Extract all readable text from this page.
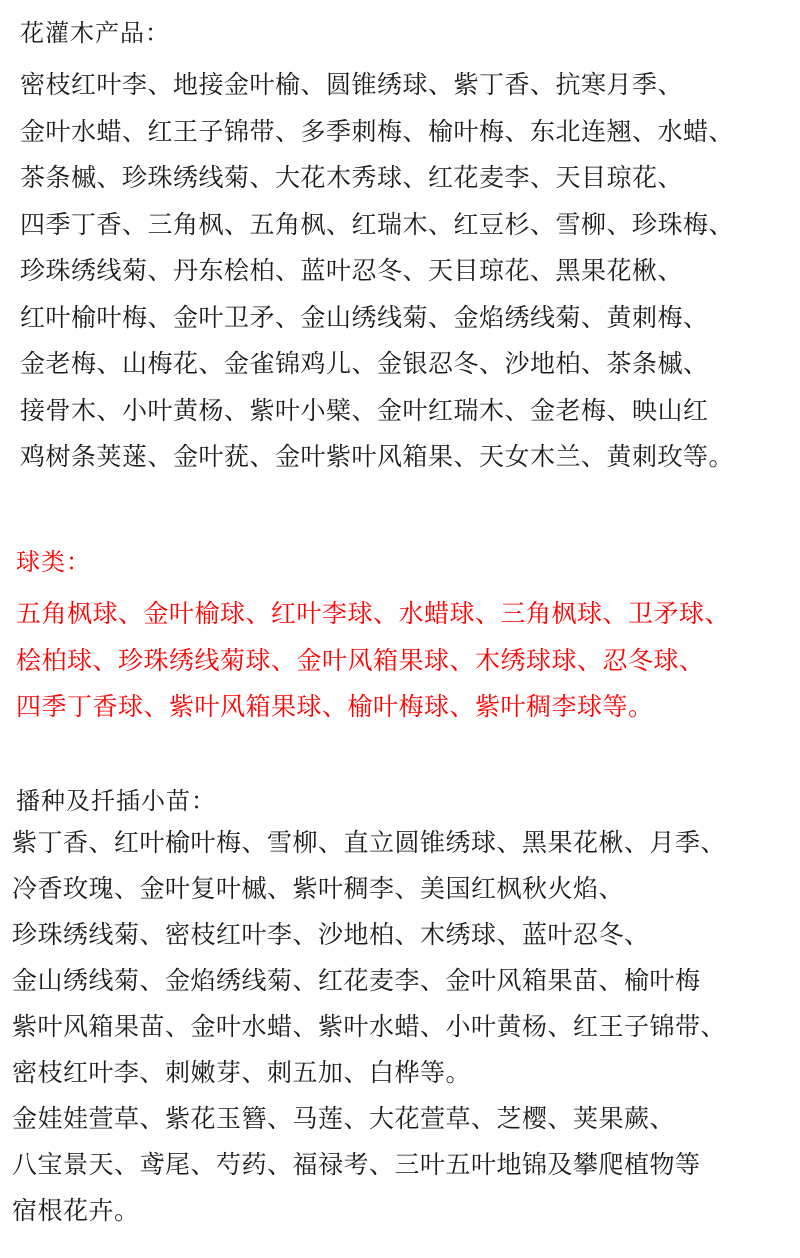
花灌木产品：
密枝红叶李、地接金叶榆、圆锥绣球、紫丁香、抗寒月季、
金叶水蜡、红王子锦带、多季刺梅、榆叶梅、东北连翘、水蜡、
茶条槭、珍珠绣线菊、大花木秀球、红花麦李、天目琼花、
四季丁香、三角枫、五角枫、红瑞木、红豆杉、雪柳、珍珠梅、
珍珠绣线菊、丹东桧柏、蓝叶忍冬、天目琼花、黑果花楸、
红叶榆叶梅、金叶卫矛、金山绣线菊、金焰绣线菊、黄刺梅、
金老梅、山梅花、金雀锦鸡儿、金银忍冬、沙地柏、茶条槭、
接骨木、小叶黄杨、紫叶小檗、金叶红瑞木、金老梅、映山红
鸡树条荚蒾、金叶莸、金叶紫叶风箱果、天女木兰、黄刺玫等。
球类：
五角枫球、金叶榆球、红叶李球、水蜡球、三角枫球、卫矛球、
桧柏球、珍珠绣线菊球、金叶风箱果球、木绣球球、忍冬球、
四季丁香球、紫叶风箱果球、榆叶梅球、紫叶稠李球等。
播种及扦插小苗：
紫丁香、红叶榆叶梅、雪柳、直立圆锥绣球、黑果花楸、月季、
冷香玫瑰、金叶复叶槭、紫叶稠李、美国红枫秋火焰、
珍珠绣线菊、密枝红叶李、沙地柏、木绣球、蓝叶忍冬、
金山绣线菊、金焰绣线菊、红花麦李、金叶风箱果苗、榆叶梅
紫叶风箱果苗、金叶水蜡、紫叶水蜡、小叶黄杨、红王子锦带、
密枝红叶李、刺嫩芽、刺五加、白桦等。
金娃娃萱草、紫花玉簪、马莲、大花萱草、芝樱、荚果蕨、
八宝景天、鸢尾、芍药、福禄考、三叶五叶地锦及攀爬植物等
宿根花卉。
